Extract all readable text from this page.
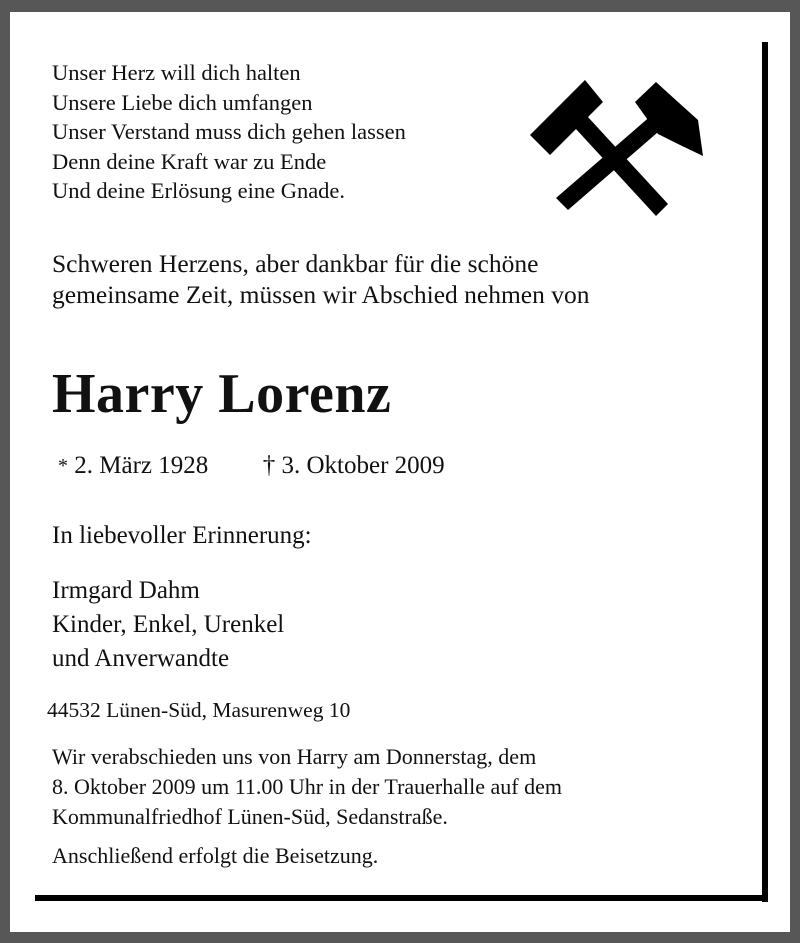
Unser Herz will dich halten
Unsere Liebe dich umfangen
Unser Verstand muss dich gehen lassen
Denn deine Kraft war zu Ende
Und deine Erlösung eine Gnade.
Schweren Herzens, aber dankbar für die schöne
gemeinsame Zeit, müssen wir Abschied nehmen von
Harry Lorenz
* 2. März 1928 † 3. Oktober 2009
In liebevoller Erinnerung:
Irmgard Dahm
Kinder, Enkel, Urenkel
und Anverwandte
44532 Lünen-Süd, Masurenweg 10
Wir verabschieden uns von Harry am Donnerstag, dem
8. Oktober 2009 um 11.00 Uhr in der Trauerhalle auf dem
Kommunalfriedhof Lünen-Süd, Sedanstraße.
Anschließend erfolgt die Beisetzung.
